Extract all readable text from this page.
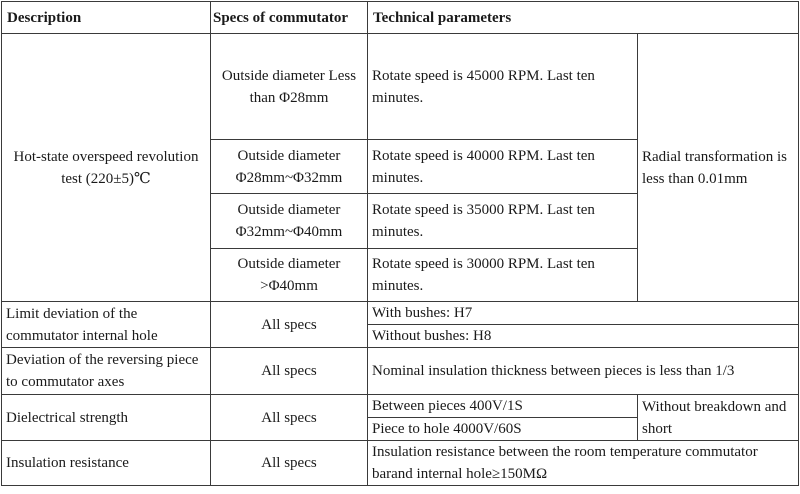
Description	Specs of commutator	Technical parameters	
Hot-state overspeed revolution test (220±5)℃	Outside diameter Less than Φ28mm	Rotate speed is 45000 RPM. Last ten minutes.	Radial transformation is less than 0.01mm
	Outside diameter Φ28mm~Φ32mm	Rotate speed is 40000 RPM. Last ten minutes.	
	Outside diameter Φ32mm~Φ40mm	Rotate speed is 35000 RPM. Last ten minutes.	
	Outside diameter >Φ40mm	Rotate speed is 30000 RPM. Last ten minutes.	
Limit deviation of the commutator internal hole	All specs	With bushes: H7	
		Without bushes: H8	
Deviation of the reversing piece to commutator axes	All specs	Nominal insulation thickness between pieces is less than 1/3	
Dielectrical strength	All specs	Between pieces 400V/1S	Without breakdown and short
		Piece to hole 4000V/60S	
Insulation resistance	All specs	Insulation resistance between the room temperature commutator barand internal hole≥150MΩ	
